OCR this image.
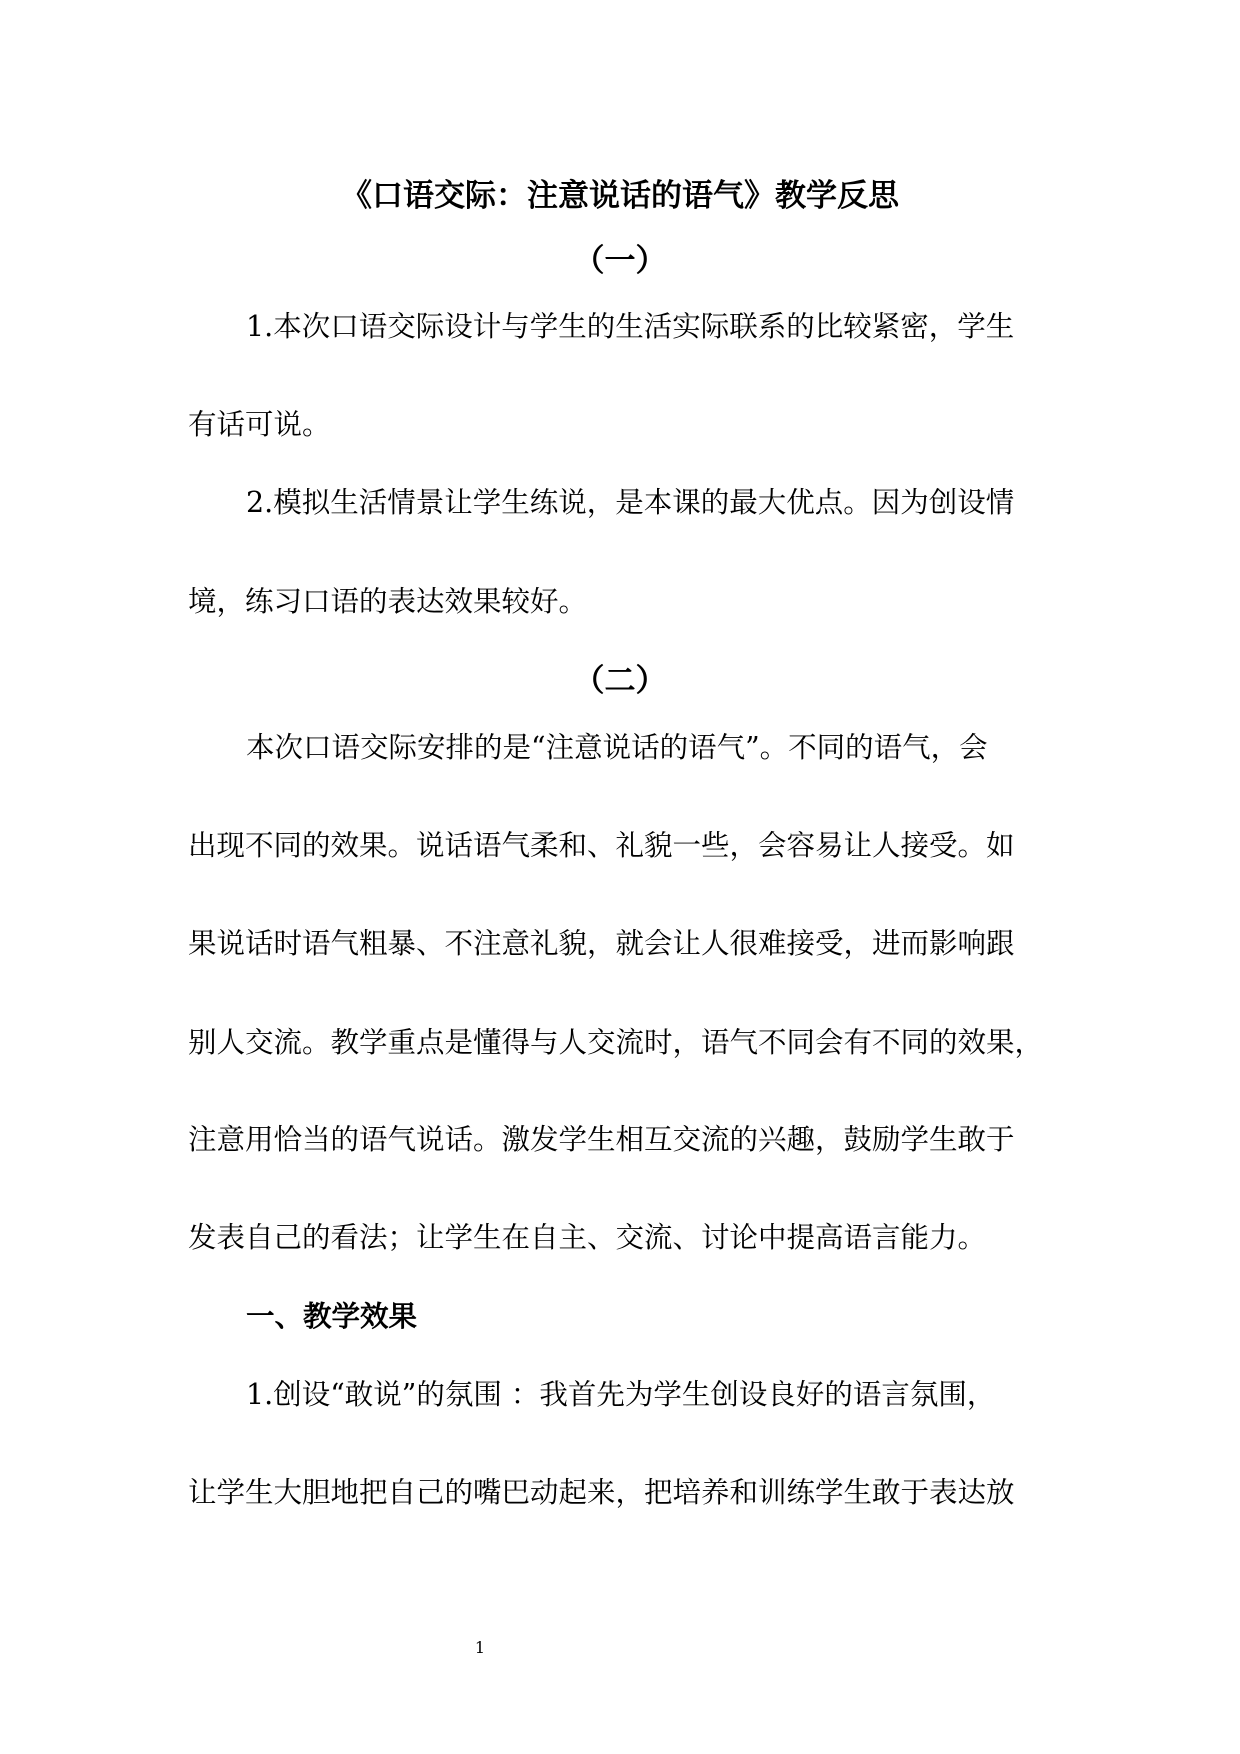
《口语交际：注意说话的语气》教学反思
（一）
1.本次口语交际设计与学生的生活实际联系的比较紧密，学生
有话可说。
2.模拟生活情景让学生练说，是本课的最大优点。因为创设情
境，练习口语的表达效果较好。
（二）
本次口语交际安排的是“注意说话的语气”。不同的语气，会
出现不同的效果。说话语气柔和、礼貌一些，会容易让人接受。如
果说话时语气粗暴、不注意礼貌，就会让人很难接受，进而影响跟
别人交流。教学重点是懂得与人交流时，语气不同会有不同的效果，
注意用恰当的语气说话。激发学生相互交流的兴趣，鼓励学生敢于
发表自己的看法；让学生在自主、交流、讨论中提高语言能力。
一、教学效果
1.创设“敢说”的氛围 ：我首先为学生创设良好的语言氛围，
让学生大胆地把自己的嘴巴动起来，把培养和训练学生敢于表达放
1
